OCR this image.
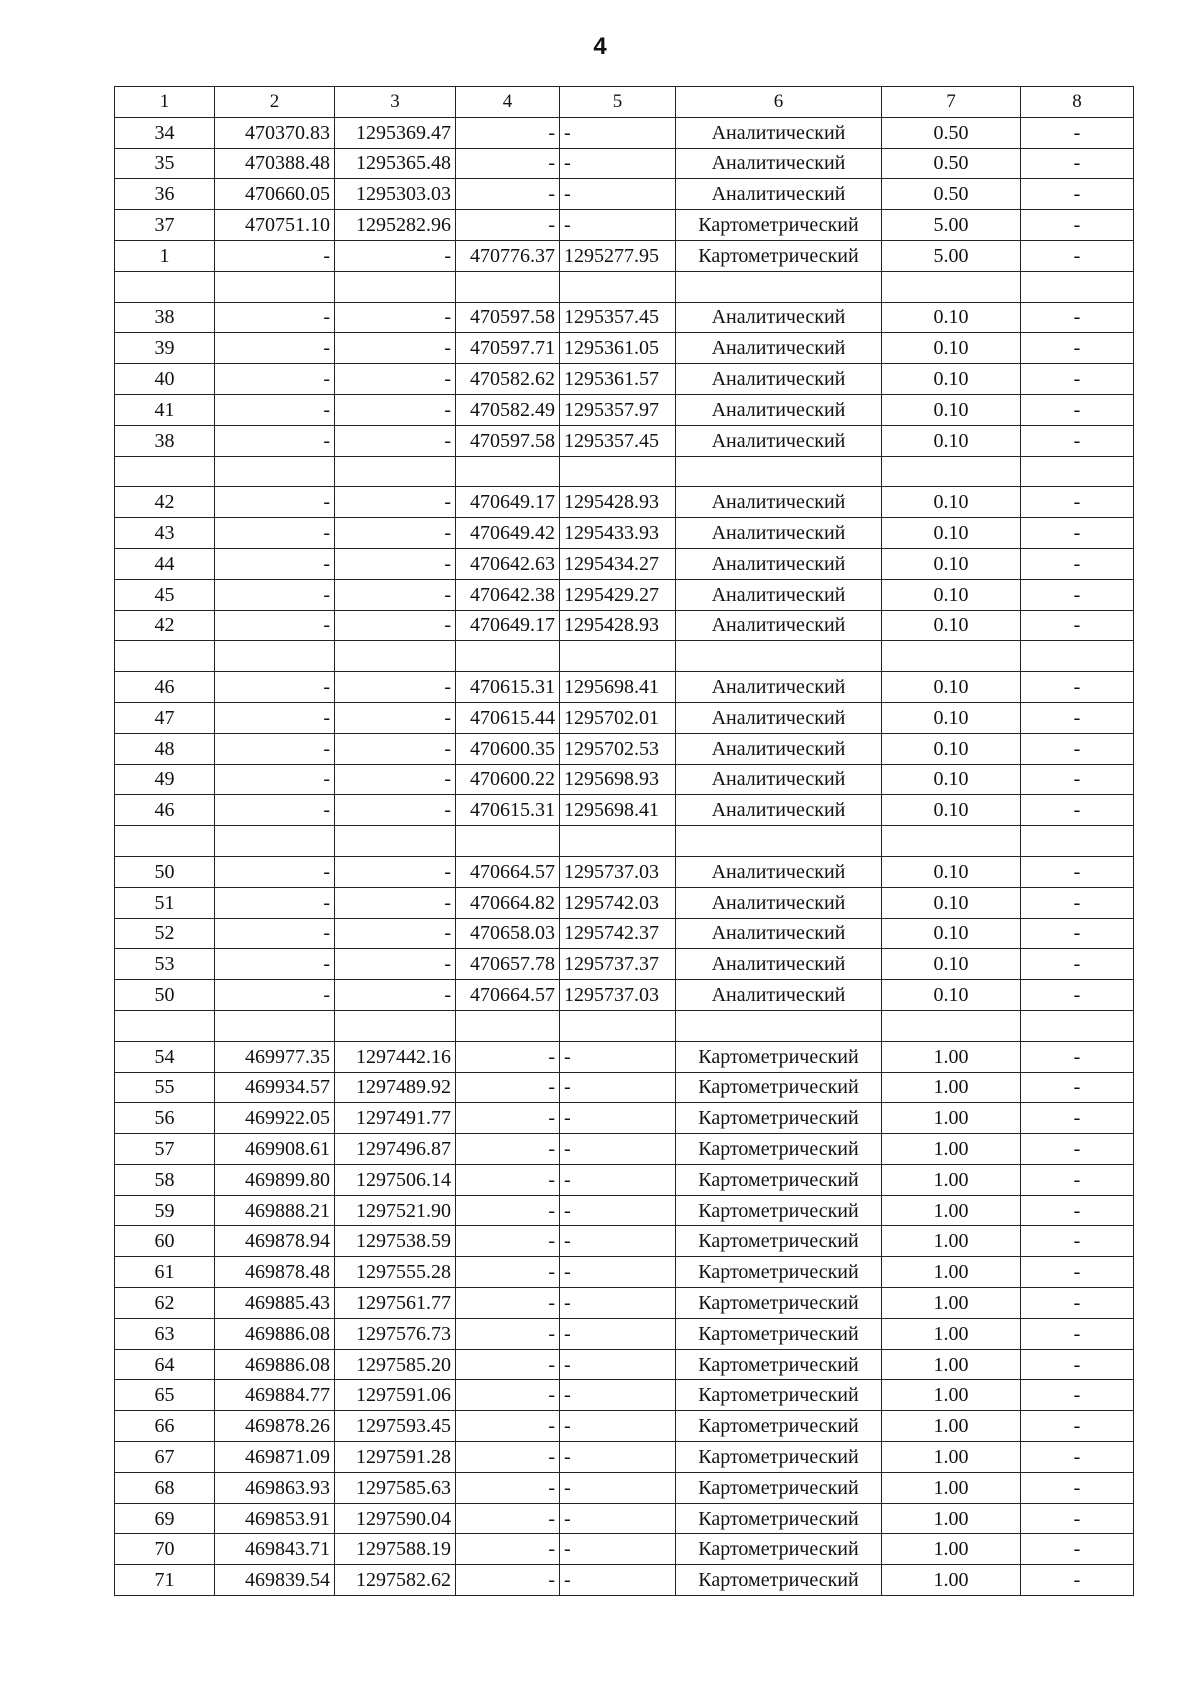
4
1	2	3	4	5	6	7	8
34	470370.83	1295369.47	-	-	Аналитический	0.50	-
35	470388.48	1295365.48	-	-	Аналитический	0.50	-
36	470660.05	1295303.03	-	-	Аналитический	0.50	-
37	470751.10	1295282.96	-	-	Картометрический	5.00	-
1	-	-	470776.37	1295277.95	Картометрический	5.00	-

38	-	-	470597.58	1295357.45	Аналитический	0.10	-
39	-	-	470597.71	1295361.05	Аналитический	0.10	-
40	-	-	470582.62	1295361.57	Аналитический	0.10	-
41	-	-	470582.49	1295357.97	Аналитический	0.10	-
38	-	-	470597.58	1295357.45	Аналитический	0.10	-

42	-	-	470649.17	1295428.93	Аналитический	0.10	-
43	-	-	470649.42	1295433.93	Аналитический	0.10	-
44	-	-	470642.63	1295434.27	Аналитический	0.10	-
45	-	-	470642.38	1295429.27	Аналитический	0.10	-
42	-	-	470649.17	1295428.93	Аналитический	0.10	-

46	-	-	470615.31	1295698.41	Аналитический	0.10	-
47	-	-	470615.44	1295702.01	Аналитический	0.10	-
48	-	-	470600.35	1295702.53	Аналитический	0.10	-
49	-	-	470600.22	1295698.93	Аналитический	0.10	-
46	-	-	470615.31	1295698.41	Аналитический	0.10	-

50	-	-	470664.57	1295737.03	Аналитический	0.10	-
51	-	-	470664.82	1295742.03	Аналитический	0.10	-
52	-	-	470658.03	1295742.37	Аналитический	0.10	-
53	-	-	470657.78	1295737.37	Аналитический	0.10	-
50	-	-	470664.57	1295737.03	Аналитический	0.10	-

54	469977.35	1297442.16	-	-	Картометрический	1.00	-
55	469934.57	1297489.92	-	-	Картометрический	1.00	-
56	469922.05	1297491.77	-	-	Картометрический	1.00	-
57	469908.61	1297496.87	-	-	Картометрический	1.00	-
58	469899.80	1297506.14	-	-	Картометрический	1.00	-
59	469888.21	1297521.90	-	-	Картометрический	1.00	-
60	469878.94	1297538.59	-	-	Картометрический	1.00	-
61	469878.48	1297555.28	-	-	Картометрический	1.00	-
62	469885.43	1297561.77	-	-	Картометрический	1.00	-
63	469886.08	1297576.73	-	-	Картометрический	1.00	-
64	469886.08	1297585.20	-	-	Картометрический	1.00	-
65	469884.77	1297591.06	-	-	Картометрический	1.00	-
66	469878.26	1297593.45	-	-	Картометрический	1.00	-
67	469871.09	1297591.28	-	-	Картометрический	1.00	-
68	469863.93	1297585.63	-	-	Картометрический	1.00	-
69	469853.91	1297590.04	-	-	Картометрический	1.00	-
70	469843.71	1297588.19	-	-	Картометрический	1.00	-
71	469839.54	1297582.62	-	-	Картометрический	1.00	-
